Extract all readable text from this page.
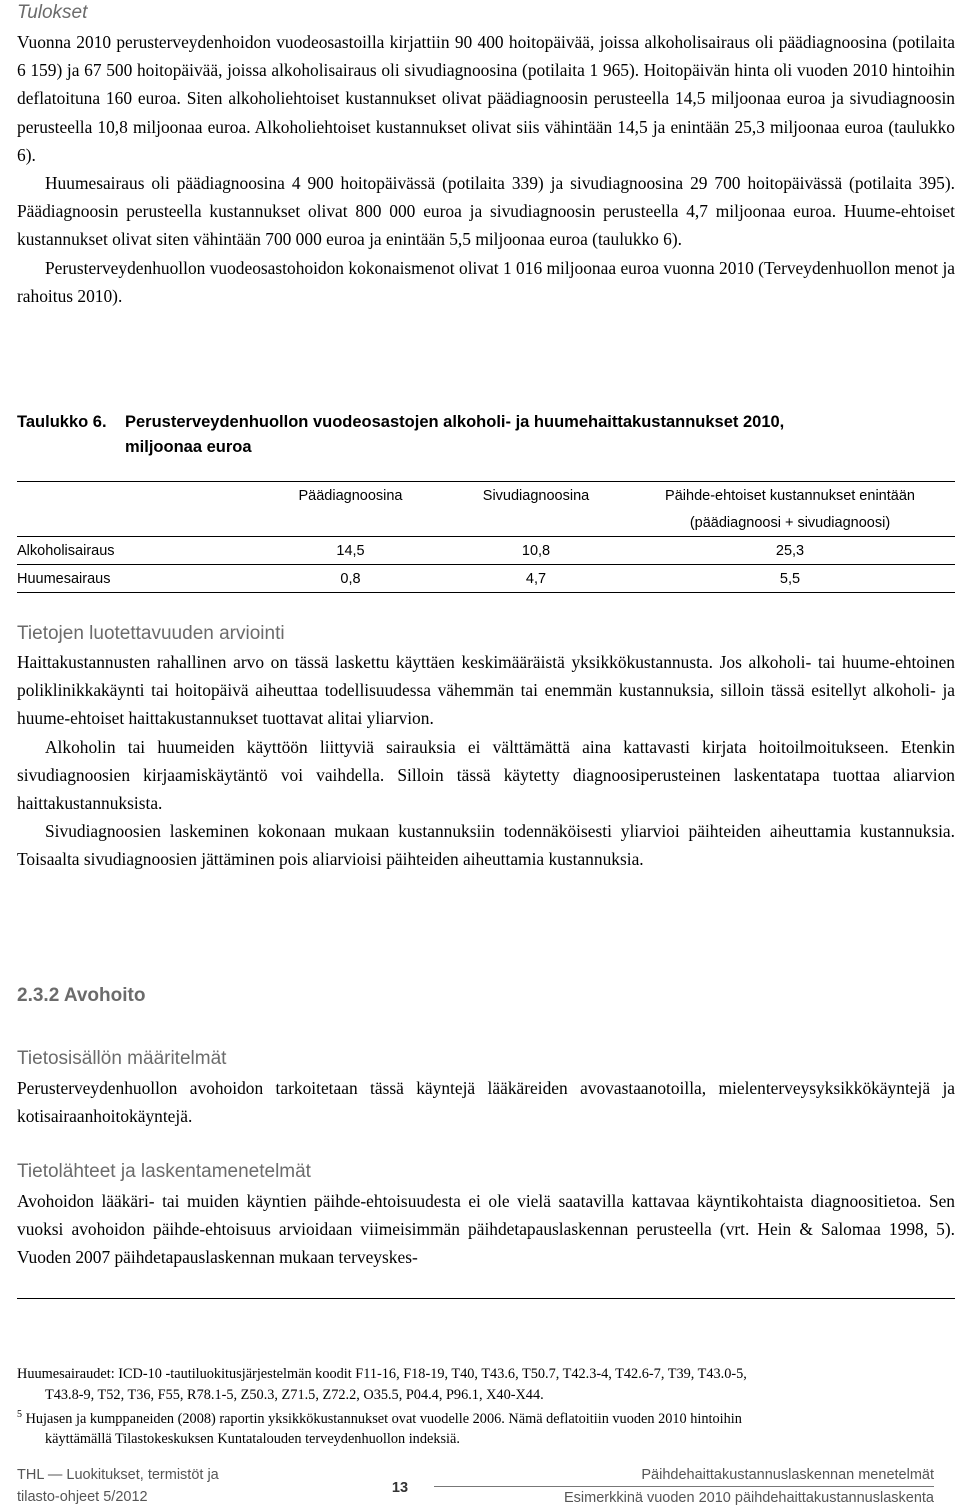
Tulokset

Vuonna 2010 perusterveydenhoidon vuodeosastoilla kirjattiin 90 400 hoitopäivää, joissa alkoholisairaus oli päädiagnoosina (potilaita 6 159) ja 67 500 hoitopäivää, joissa alkoholisairaus oli sivudiagnoosina (potilaita 1 965). Hoitopäivän hinta oli vuoden 2010 hintoihin deflatoituna 160 euroa. Siten alkoholiehtoiset kustannukset olivat päädiagnoosin perusteella 14,5 miljoonaa euroa ja sivudiagnoosin perusteella 10,8 miljoonaa euroa. Alkoholiehtoiset kustannukset olivat siis vähintään 14,5 ja enintään 25,3 miljoonaa euroa (taulukko 6).

Huumesairaus oli päädiagnoosina 4 900 hoitopäivässä (potilaita 339) ja sivudiagnoosina 29 700 hoitopäivässä (potilaita 395). Päädiagnoosin perusteella kustannukset olivat 800 000 euroa ja sivudiagnoosin perusteella 4,7 miljoonaa euroa. Huume-ehtoiset kustannukset olivat siten vähintään 700 000 euroa ja enintään 5,5 miljoonaa euroa (taulukko 6).

Perusterveydenhuollon vuodeosastohoidon kokonaismenot olivat 1 016 miljoonaa euroa vuonna 2010 (Terveydenhuollon menot ja rahoitus 2010).

Taulukko 6. Perusterveydenhuollon vuodeosastojen alkoholi- ja huumehaittakustannukset 2010,
miljoonaa euroa
	Päädiagnoosina	Sivudiagnoosina	Päihde-ehtoiset kustannukset enintään
			(päädiagnoosi + sivudiagnoosi)
Alkoholisairaus	14,5	10,8	25,3
Huumesairaus	0,8	4,7	5,5
Tietojen luotettavuuden arviointi

Haittakustannusten rahallinen arvo on tässä laskettu käyttäen keskimääräistä yksikkökustannusta. Jos alkoholi- tai huume-ehtoinen poliklinikkakäynti tai hoitopäivä aiheuttaa todellisuudessa vähemmän tai enemmän kustannuksia, silloin tässä esitellyt alkoholi- ja huume-ehtoiset haittakustannukset tuottavat alitai yliarvion.

Alkoholin tai huumeiden käyttöön liittyviä sairauksia ei välttämättä aina kattavasti kirjata hoitoilmoitukseen. Etenkin sivudiagnoosien kirjaamiskäytäntö voi vaihdella. Silloin tässä käytetty diagnoosiperusteinen laskentatapa tuottaa aliarvion haittakustannuksista.

Sivudiagnoosien laskeminen kokonaan mukaan kustannuksiin todennäköisesti yliarvioi päihteiden aiheuttamia kustannuksia. Toisaalta sivudiagnoosien jättäminen pois aliarvioisi päihteiden aiheuttamia kustannuksia.

2.3.2 Avohoito
Tietosisällön määritelmät

Perusterveydenhuollon avohoidon tarkoitetaan tässä käyntejä lääkäreiden avovastaanotoilla, mielenterveysyksikkökäyntejä ja kotisairaanhoitokäyntejä.

Tietolähteet ja laskentamenetelmät

Avohoidon lääkäri- tai muiden käyntien päihde-ehtoisuudesta ei ole vielä saatavilla kattavaa käyntikohtaista diagnoositietoa. Sen vuoksi avohoidon päihde-ehtoisuus arvioidaan viimeisimmän päihdetapauslaskennan perusteella (vrt. Hein & Salomaa 1998, 5). Vuoden 2007 päihdetapauslaskennan mukaan terveyskes-

Huumesairaudet: ICD-10 -tautiluokitusjärjestelmän koodit F11-16, F18-19, T40, T43.6, T50.7, T42.3-4, T42.6-7, T39, T43.0-5,
T43.8-9, T52, T36, F55, R78.1-5, Z50.3, Z71.5, Z72.2, O35.5, P04.4, P96.1, X40-X44.
$^5$ Hujasen ja kumppaneiden (2008) raportin yksikkökustannukset ovat vuodelle 2006. Nämä deflatoitiin vuoden 2010 hintoihin
käyttämällä Tilastokeskuksen Kuntatalouden terveydenhuollon indeksiä.
THL — Luokitukset, termistöt ja
tilasto-ohjeet 5/2012
13
Päihdehaittakustannuslaskennan menetelmät
Esimerkkinä vuoden 2010 päihdehaittakustannuslaskenta
